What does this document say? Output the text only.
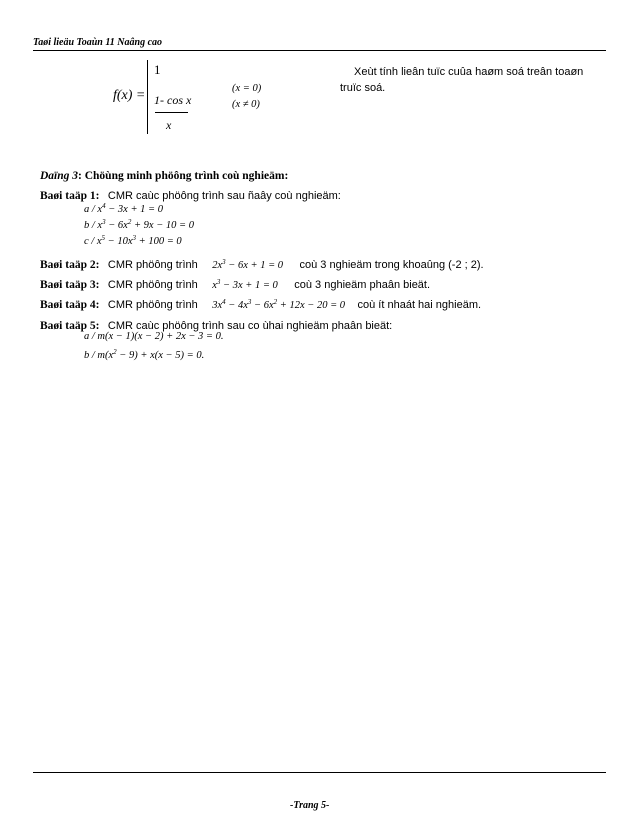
Taøi lieäu Toaùn 11 Naâng cao
f(x) =
1
1- cos x
x
(x = 0)
(x ≠ 0)
Xeùt tính lieân tuïc cuûa haøm soá treân toaøn
truïc soá.
Daïng 3: Chöùng minh phöông trình coù nghieäm:
Baøi taäp 1: CMR caùc phöông trình sau ñaây coù nghieäm:
$a / x^4 - 3x + 1 = 0$
$b / x^3 - 6x^2 + 9x - 10 = 0$
$c / x^5 - 10x^3 + 100 = 0$
Baøi taäp 2: CMR phöông trình $2x^3 - 6x + 1 = 0$ coù 3 nghieäm trong khoaûng (-2 ; 2).
Baøi taäp 3: CMR phöông trình $x^3 - 3x + 1 = 0$ coù 3 nghieäm phaân bieät.
Baøi taäp 4: CMR phöông trình $3x^4 - 4x^3 - 6x^2 + 12x - 20 = 0$ coù ít nhaát hai nghieäm.
Baøi taäp 5: CMR caùc phöông trình sau co ùhai nghieäm phaân bieät:
a / m(x − 1)(x − 2) + 2x − 3 = 0.
$b / m(x^2 - 9) + x(x - 5) = 0$.
-Trang 5-
